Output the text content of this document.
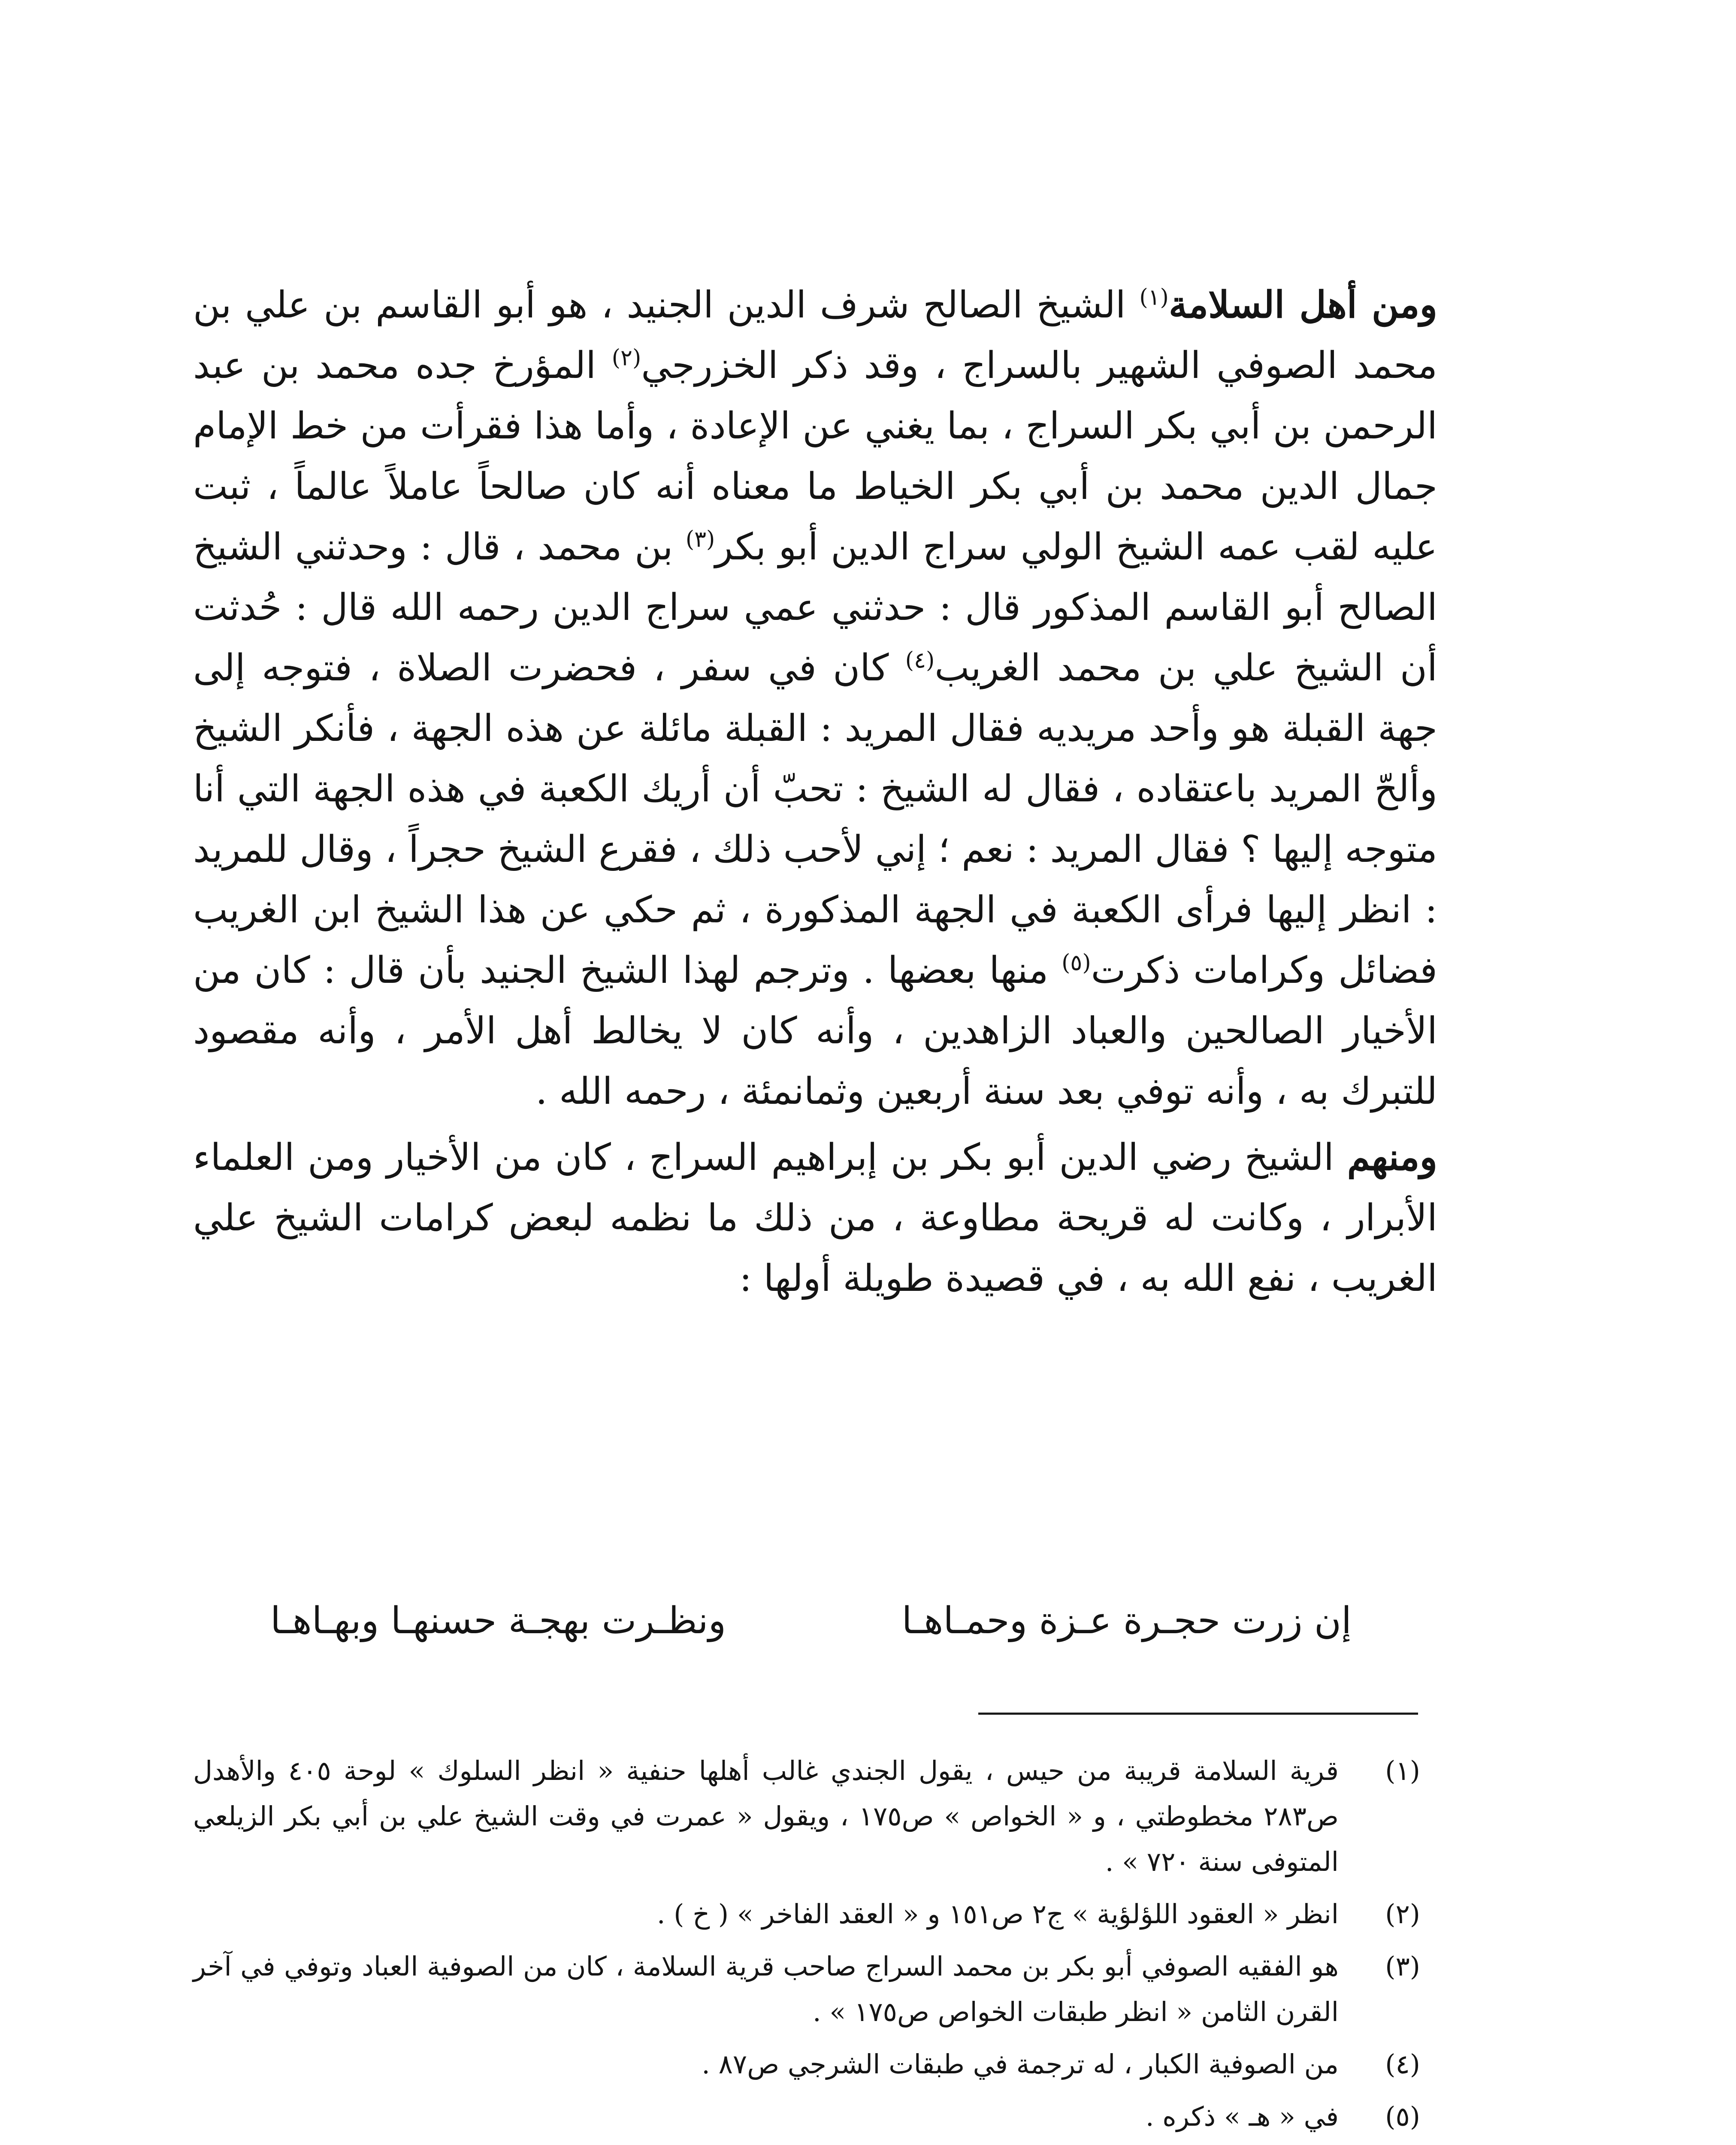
ومن أهل السلامة$^{(١)}$ الشيخ الصالح شرف الدين الجنيد ، هو أبو القاسم بن علي بن محمد الصوفي الشهير بالسراج ، وقد ذكر الخزرجي$^{(٢)}$ المؤرخ جده محمد بن عبد الرحمن بن أبي بكر السراج ، بما يغني عن الإعادة ، وأما هذا فقرأت من خط الإمام جمال الدين محمد بن أبي بكر الخياط ما معناه أنه كان صالحاً عاملاً عالماً ، ثبت عليه لقب عمه الشيخ الولي سراج الدين أبو بكر$^{(٣)}$ بن محمد ، قال : وحدثني الشيخ الصالح أبو القاسم المذكور قال : حدثني عمي سراج الدين رحمه الله قال : حُدثت أن الشيخ علي بن محمد الغريب$^{(٤)}$ كان في سفر ، فحضرت الصلاة ، فتوجه إلى جهة القبلة هو وأحد مريديه فقال المريد : القبلة مائلة عن هذه الجهة ، فأنكر الشيخ وألحّ المريد باعتقاده ، فقال له الشيخ : تحبّ أن أريك الكعبة في هذه الجهة التي أنا متوجه إليها ؟ فقال المريد : نعم ؛ إني لأحب ذلك ، فقرع الشيخ حجراً ، وقال للمريد : انظر إليها فرأى الكعبة في الجهة المذكورة ، ثم حكي عن هذا الشيخ ابن الغريب فضائل وكرامات ذكرت$^{(٥)}$ منها بعضها . وترجم لهذا الشيخ الجنيد بأن قال : كان من الأخيار الصالحين والعباد الزاهدين ، وأنه كان لا يخالط أهل الأمر ، وأنه مقصود للتبرك به ، وأنه توفي بعد سنة أربعين وثمانمئة ، رحمه الله .

ومنهم الشيخ رضي الدين أبو بكر بن إبراهيم السراج ، كان من الأخيار ومن العلماء الأبرار ، وكانت له قريحة مطاوعة ، من ذلك ما نظمه لبعض كرامات الشيخ علي الغريب ، نفع الله به ، في قصيدة طويلة أولها :

إن زرت حجـرة عـزة وحمـاهـا
ونظـرت بهجـة حسنهـا وبهـاهـا
(١)
قرية السلامة قريبة من حيس ، يقول الجندي غالب أهلها حنفية « انظر السلوك » لوحة ٤٠٥ والأهدل ص٢٨٣ مخطوطتي ، و « الخواص » ص١٧٥ ، ويقول « عمرت في وقت الشيخ علي بن أبي بكر الزيلعي المتوفى سنة ٧٢٠ » .
(٢)
انظر « العقود اللؤلؤية » ج٢ ص١٥١ و « العقد الفاخر » ( خ ) .
(٣)
هو الفقيه الصوفي أبو بكر بن محمد السراج صاحب قرية السلامة ، كان من الصوفية العباد وتوفي في آخر القرن الثامن « انظر طبقات الخواص ص١٧٥ » .
(٤)
من الصوفية الكبار ، له ترجمة في طبقات الشرجي ص٨٧ .
(٥)
في « هـ » ذكره .
